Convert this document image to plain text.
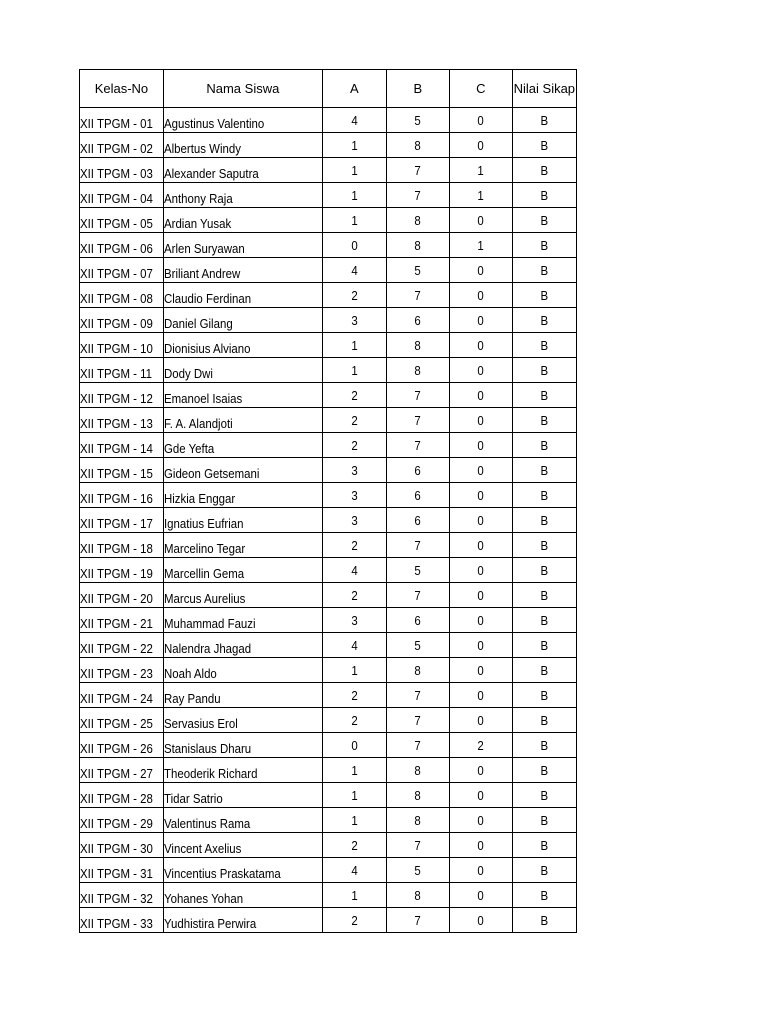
Kelas-No	Nama Siswa	A	B	C	Nilai Sikap
XII TPGM - 01	Agustinus Valentino	4	5	0	B
XII TPGM - 02	Albertus Windy	1	8	0	B
XII TPGM - 03	Alexander Saputra	1	7	1	B
XII TPGM - 04	Anthony Raja	1	7	1	B
XII TPGM - 05	Ardian Yusak	1	8	0	B
XII TPGM - 06	Arlen Suryawan	0	8	1	B
XII TPGM - 07	Briliant Andrew	4	5	0	B
XII TPGM - 08	Claudio Ferdinan	2	7	0	B
XII TPGM - 09	Daniel Gilang	3	6	0	B
XII TPGM - 10	Dionisius Alviano	1	8	0	B
XII TPGM - 11	Dody Dwi	1	8	0	B
XII TPGM - 12	Emanoel Isaias	2	7	0	B
XII TPGM - 13	F. A. Alandjoti	2	7	0	B
XII TPGM - 14	Gde Yefta	2	7	0	B
XII TPGM - 15	Gideon Getsemani	3	6	0	B
XII TPGM - 16	Hizkia Enggar	3	6	0	B
XII TPGM - 17	Ignatius Eufrian	3	6	0	B
XII TPGM - 18	Marcelino Tegar	2	7	0	B
XII TPGM - 19	Marcellin Gema	4	5	0	B
XII TPGM - 20	Marcus Aurelius	2	7	0	B
XII TPGM - 21	Muhammad Fauzi	3	6	0	B
XII TPGM - 22	Nalendra Jhagad	4	5	0	B
XII TPGM - 23	Noah Aldo	1	8	0	B
XII TPGM - 24	Ray Pandu	2	7	0	B
XII TPGM - 25	Servasius Erol	2	7	0	B
XII TPGM - 26	Stanislaus Dharu	0	7	2	B
XII TPGM - 27	Theoderik Richard	1	8	0	B
XII TPGM - 28	Tidar Satrio	1	8	0	B
XII TPGM - 29	Valentinus Rama	1	8	0	B
XII TPGM - 30	Vincent Axelius	2	7	0	B
XII TPGM - 31	Vincentius Praskatama	4	5	0	B
XII TPGM - 32	Yohanes Yohan	1	8	0	B
XII TPGM - 33	Yudhistira Perwira	2	7	0	B
